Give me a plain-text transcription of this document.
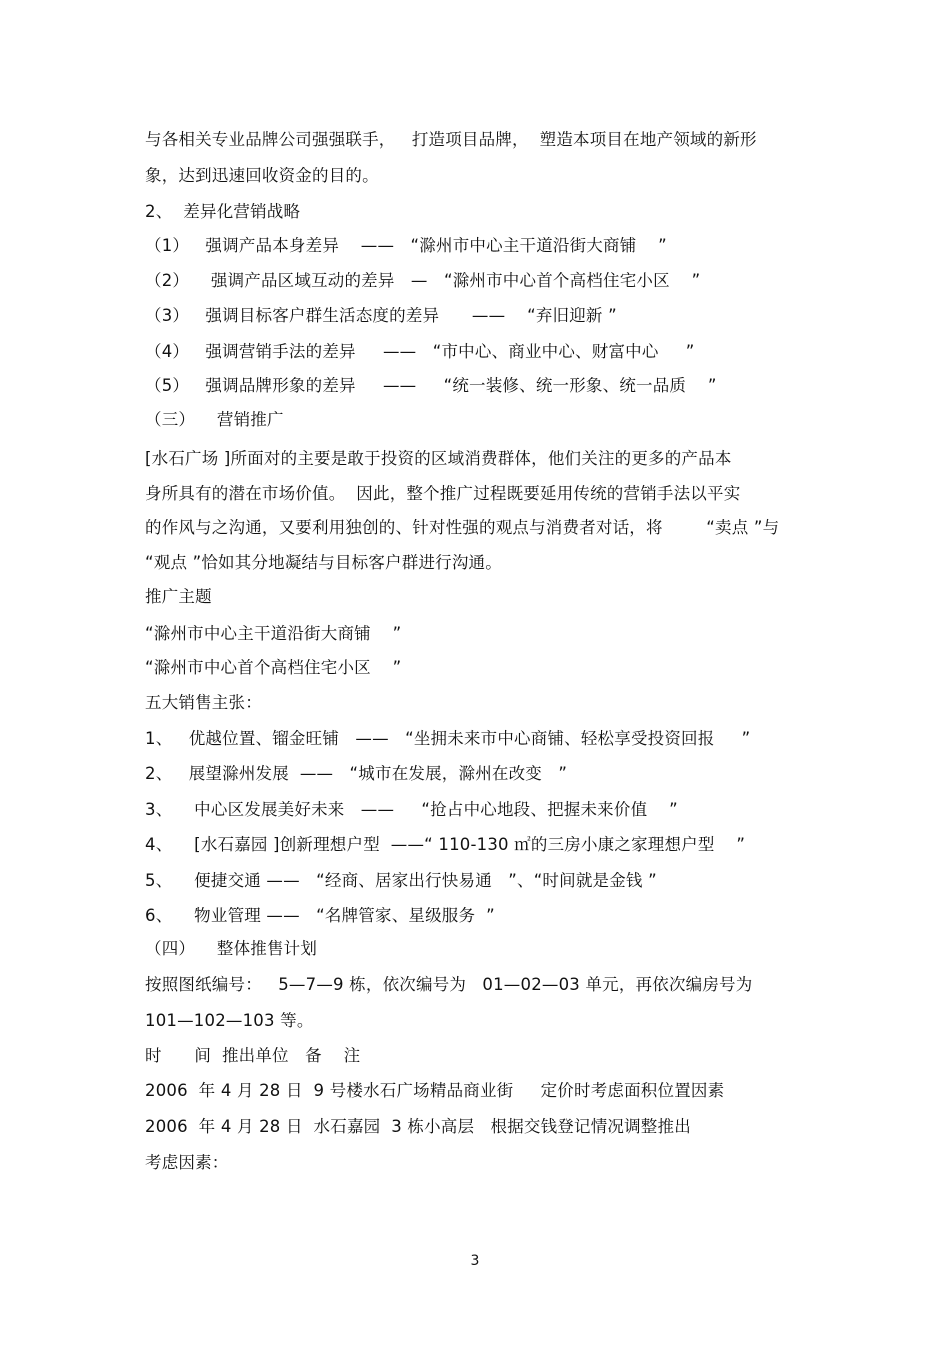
与各相关专业品牌公司强强联手，   打造项目品牌，  塑造本项目在地产领域的新形
象，达到迅速回收资金的目的。
2、  差异化营销战略
（1）   强调产品本身差异    ——   “滁州市中心主干道沿街大商铺    ”
（2）    强调产品区域互动的差异   —   “滁州市中心首个高档住宅小区    ”
（3）   强调目标客户群生活态度的差异      ——    “弃旧迎新 ”
（4）   强调营销手法的差异     ——   “市中心、商业中心、财富中心     ”
（5）   强调品牌形象的差异     ——     “统一装修、统一形象、统一品质    ”
（三）    营销推广
[水石广场 ]所面对的主要是敢于投资的区域消费群体，他们关注的更多的产品本
身所具有的潜在市场价值。  因此，整个推广过程既要延用传统的营销手法以平实
的作风与之沟通，又要利用独创的、针对性强的观点与消费者对话，将        “卖点 ”与
“观点 ”恰如其分地凝结与目标客户群进行沟通。
推广主题
“滁州市中心主干道沿街大商铺    ”
“滁州市中心首个高档住宅小区    ”
五大销售主张：
1、   优越位置、镏金旺铺   ——   “坐拥未来市中心商铺、轻松享受投资回报     ”
2、   展望滁州发展  ——   “城市在发展，滁州在改变   ”
3、    中心区发展美好未来   ——     “抢占中心地段、把握未来价值    ”
4、    [水石嘉园 ]创新理想户型  ——“ 110-130 ㎡的三房小康之家理想户型    ”
5、    便捷交通 ——   “经商、居家出行快易通   ”、“时间就是金钱 ”
6、    物业管理 ——   “名牌管家、星级服务  ”
（四）    整体推售计划
按照图纸编号：   5—7—9 栋，依次编号为   01—02—03 单元，再依次编房号为
101—102—103 等。
时      间  推出单位   备    注
2006  年 4 月 28 日  9 号楼水石广场精品商业街     定价时考虑面积位置因素
2006  年 4 月 28 日  水石嘉园  3 栋小高层   根据交钱登记情况调整推出
考虑因素：
3
